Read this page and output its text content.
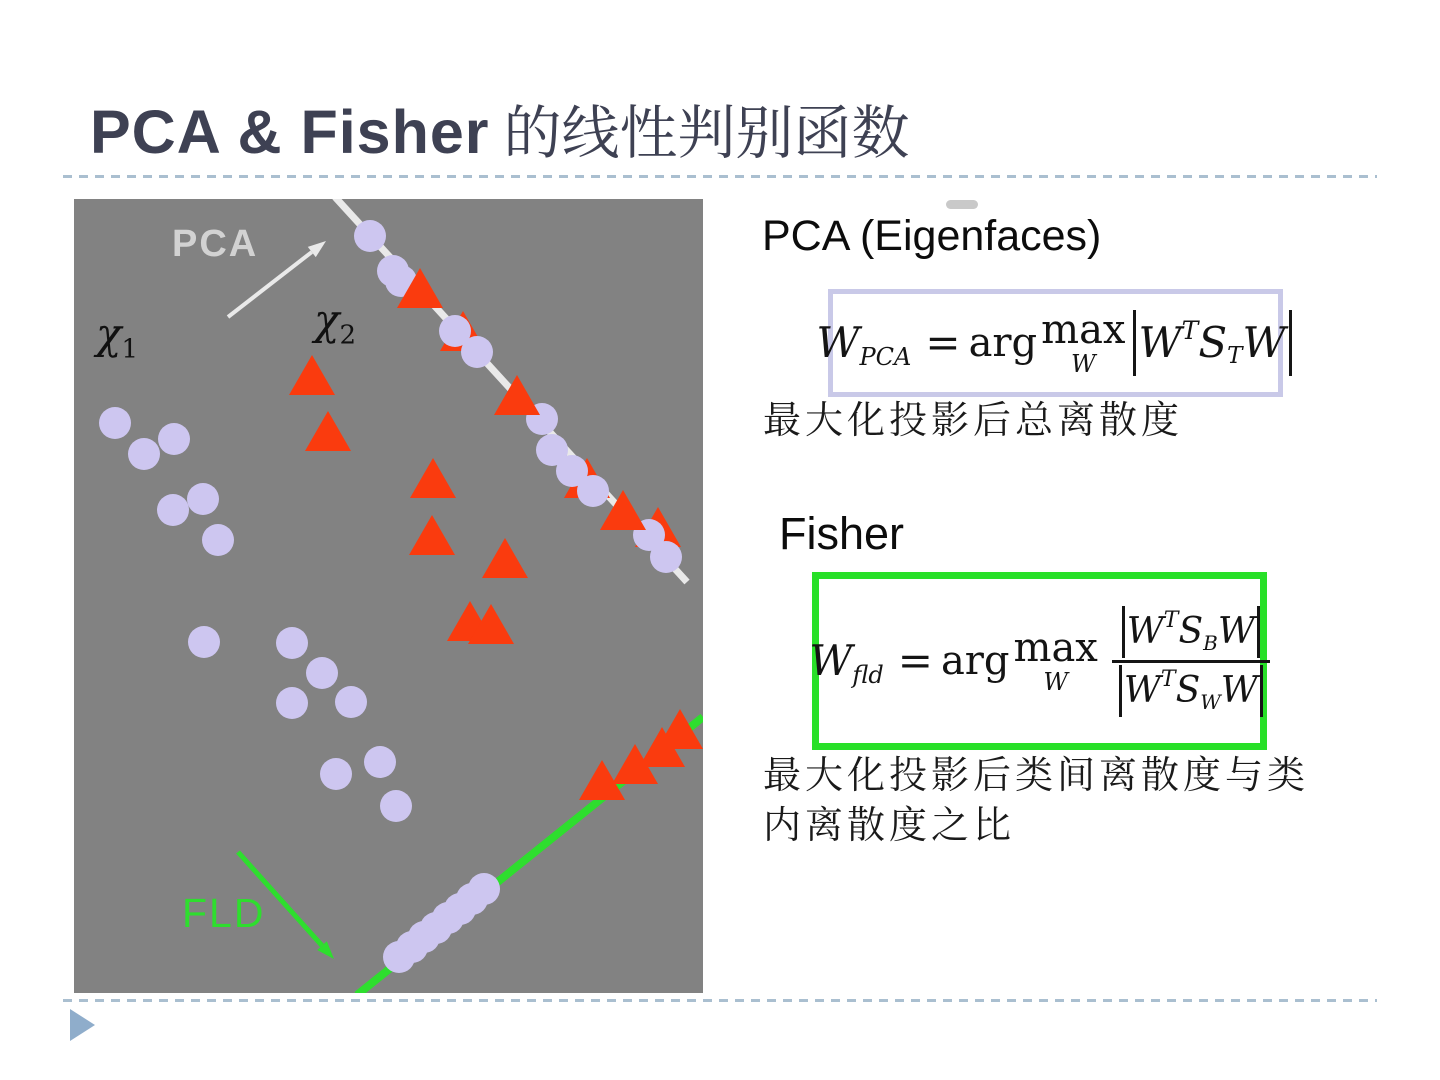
PCA & Fisher 的线性判别函数
PCA
$\chi_1$
$\chi_2$
FLD
PCA (Eigenfaces)
W PCA = arg max
W $W^T$ $S_T$ W
最大化投影后总离散度
Fisher
W fld = arg max
W $\frac{W^T S_B W}{W^T S_W W}$
最大化投影后类间离散度与类
内离散度之比
